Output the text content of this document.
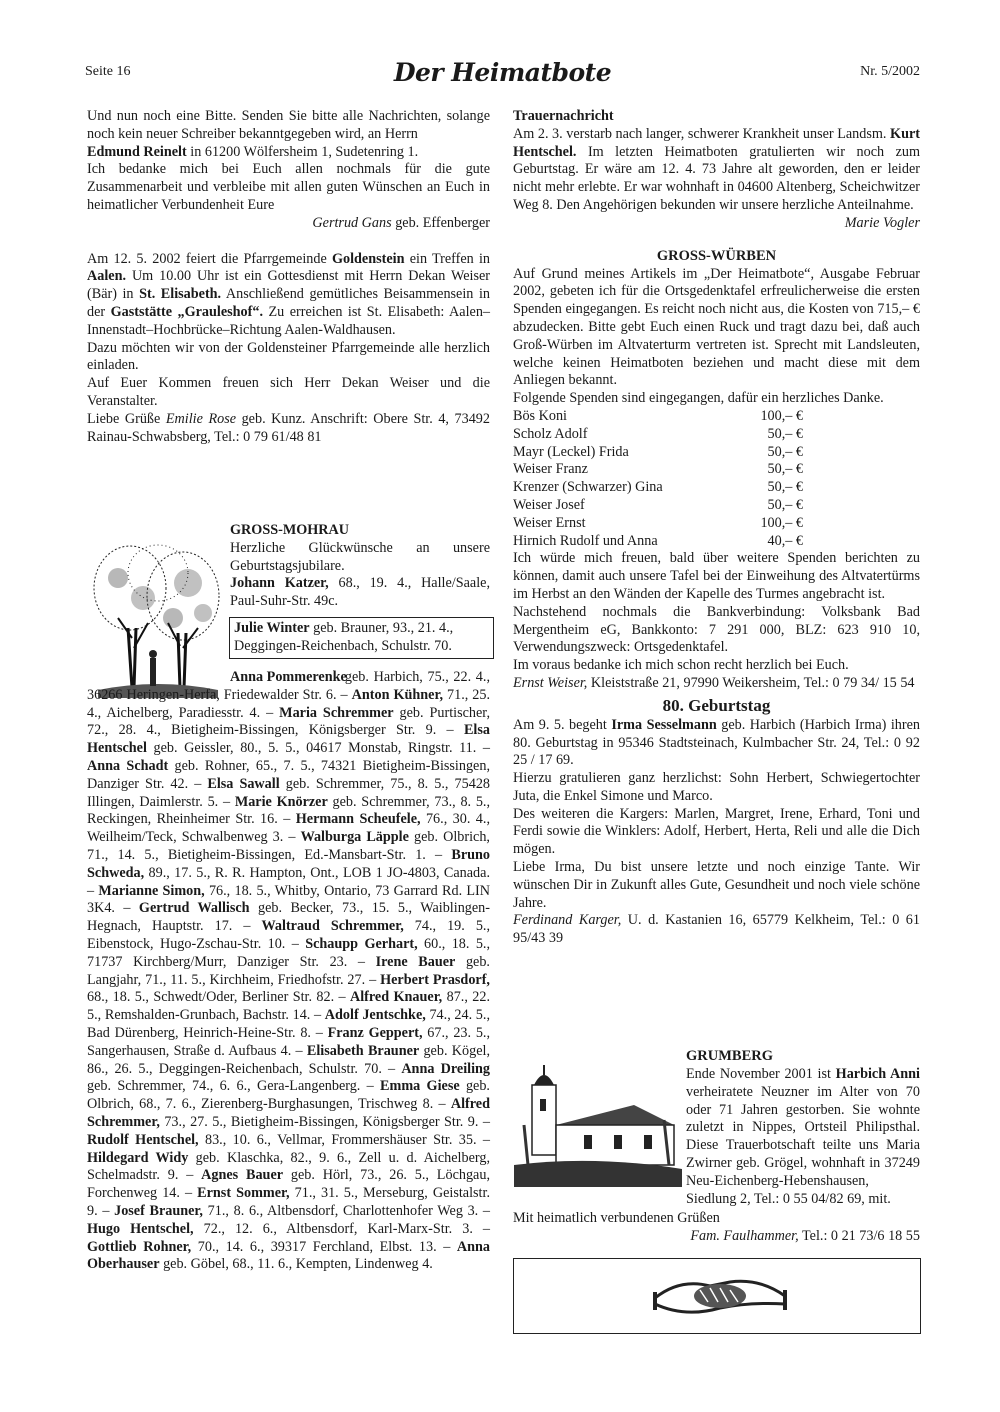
Seite 16	Der Heimatbote	Nr. 5/2002

Und nun noch eine Bitte. Senden Sie bitte alle Nachrichten, solange noch kein neuer Schreiber bekanntgegeben wird, an Herrn
Edmund Reinelt in 61200 Wölfersheim 1, Sudetenring 1.

Ich bedanke mich bei Euch allen nochmals für die gute Zusammenarbeit und verbleibe mit allen guten Wünschen an Euch in heimatlicher Verbundenheit Eure

Gertrud Gans geb. Effenberger

Am 12. 5. 2002 feiert die Pfarrgemeinde Goldenstein ein Treffen in Aalen. Um 10.00 Uhr ist ein Gottesdienst mit Herrn Dekan Weiser (Bär) in St. Elisabeth. Anschließend gemütliches Beisammensein in der Gaststätte „Grauleshof“. Zu erreichen ist St. Elisabeth: Aalen–Innenstadt–Hochbrücke–Richtung Aalen-Waldhausen.

Dazu möchten wir von der Goldensteiner Pfarrgemeinde alle herzlich einladen.

Auf Euer Kommen freuen sich Herr Dekan Weiser und die Veranstalter.

Liebe Grüße Emilie Rose geb. Kunz. Anschrift: Obere Str. 4, 73492 Rainau-Schwabsberg, Tel.: 0 79 61/48 81

GROSS-MOHRAU

Herzliche Glückwünsche an unsere Geburtstagsjubilare.

Johann Katzer, 68., 19. 4., Halle/Saale, Paul-Suhr-Str. 49c.

Julie Winter geb. Brauner, 93., 21. 4., Deggingen-Reichenbach, Schulstr. 70.

Anna Pommerenke

geb. Harbich, 75., 22. 4., 36266 Heringen-Herfa, Friedewalder Str. 6. – Anton Kühner, 71., 25. 4., Aichelberg, Paradiesstr. 4. – Maria Schremmer geb. Purtischer, 72., 28. 4., Bietigheim-Bissingen, Königsberger Str. 9. – Elsa Hentschel geb. Geissler, 80., 5. 5., 04617 Monstab, Ringstr. 11. – Anna Schadt geb. Rohner, 65., 7. 5., 74321 Bietigheim-Bissingen, Danziger Str. 42. – Elsa Sawall geb. Schremmer, 75., 8. 5., 75428 Illingen, Daimlerstr. 5. – Marie Knörzer geb. Schremmer, 73., 8. 5., Reckingen, Rheinheimer Str. 16. – Hermann Scheufele, 76., 30. 4., Weilheim/Teck, Schwalbenweg 3. – Walburga Läpple geb. Olbrich, 71., 14. 5., Bietigheim-Bissingen, Ed.-Mansbart-Str. 1. – Bruno Schweda, 89., 17. 5., R. R. Hampton, Ont., LOB 1 JO-4803, Canada. – Marianne Simon, 76., 18. 5., Whitby, Ontario, 73 Garrard Rd. LIN 3K4. – Gertrud Wallisch geb. Becker, 73., 15. 5., Waiblingen-Hegnach, Hauptstr. 17. – Waltraud Schremmer, 74., 19. 5., Eibenstock, Hugo-Zschau-Str. 10. – Schaupp Gerhart, 60., 18. 5., 71737 Kirchberg/Murr, Danziger Str. 23. – Irene Bauer geb. Langjahr, 71., 11. 5., Kirchheim, Friedhofstr. 27. – Herbert Prasdorf, 68., 18. 5., Schwedt/Oder, Berliner Str. 82. – Alfred Knauer, 87., 22. 5., Remshalden-Grunbach, Bachstr. 14. – Adolf Jentschke, 74., 24. 5., Bad Dürenberg, Heinrich-Heine-Str. 8. – Franz Geppert, 67., 23. 5., Sangerhausen, Straße d. Aufbaus 4. – Elisabeth Brauner geb. Kögel, 86., 26. 5., Deggingen-Reichenbach, Schulstr. 70. – Anna Dreiling geb. Schremmer, 74., 6. 6., Gera-Langenberg. – Emma Giese geb. Olbrich, 68., 7. 6., Zierenberg-Burghasungen, Trischweg 8. – Alfred Schremmer, 73., 27. 5., Bietigheim-Bissingen, Königsberger Str. 9. – Rudolf Hentschel, 83., 10. 6., Vellmar, Frommershäuser Str. 35. – Hildegard Widy geb. Klaschka, 82., 9. 6., Zell u. d. Aichelberg, Schelmadstr. 9. – Agnes Bauer geb. Hörl, 73., 26. 5., Löchgau, Forchenweg 14. – Ernst Sommer, 71., 31. 5., Merseburg, Geistalstr. 9. – Josef Brauner, 71., 8. 6., Altbensdorf, Charlottenhofer Weg 3. – Hugo Hentschel, 72., 12. 6., Altbensdorf, Karl-Marx-Str. 3. – Gottlieb Rohner, 70., 14. 6., 39317 Ferchland, Elbst. 13. – Anna Oberhauser geb. Göbel, 68., 11. 6., Kempten, Lindenweg 4.

Trauernachricht

Am 2. 3. verstarb nach langer, schwerer Krankheit unser Landsm. Kurt Hentschel. Im letzten Heimatboten gratulierten wir noch zum Geburtstag. Er wäre am 12. 4. 73 Jahre alt geworden, den er leider nicht mehr erlebte. Er war wohnhaft in 04600 Altenberg, Scheichwitzer Weg 8. Den Angehörigen bekunden wir unsere herzliche Anteilnahme.
Marie Vogler

GROSS-WÜRBEN

Auf Grund meines Artikels im „Der Heimatbote“, Ausgabe Februar 2002, gebeten ich für die Ortsgedenktafel erfreulicherweise die ersten Spenden eingegangen. Es reicht noch nicht aus, die Kosten von 715,– € abzudecken. Bitte gebt Euch einen Ruck und tragt dazu bei, daß auch Groß-Würben im Altvaterturm vertreten ist. Sprecht mit Landsleuten, welche keinen Heimatboten beziehen und macht diese mit dem Anliegen bekannt.

Folgende Spenden sind eingegangen, dafür ein herzliches Danke.

Bös Koni	100,– €
Scholz Adolf	50,– €
Mayr (Leckel) Frida	50,– €
Weiser Franz	50,– €
Krenzer (Schwarzer) Gina	50,– €
Weiser Josef	50,– €
Weiser Ernst	100,– €
Hirnich Rudolf und Anna	40,– €

Ich würde mich freuen, bald über weitere Spenden berichten zu können, damit auch unsere Tafel bei der Einweihung des Altvatertürms im Herbst an den Wänden der Kapelle des Turmes angebracht ist.

Nachstehend nochmals die Bankverbindung: Volksbank Bad Mergentheim eG, Bankkonto: 7 291 000, BLZ: 623 910 10, Verwendungszweck: Ortsgedenktafel.

Im voraus bedanke ich mich schon recht herzlich bei Euch.

Ernst Weiser, Kleiststraße 21, 97990 Weikersheim, Tel.: 0 79 34/ 15 54

80. Geburtstag

Am 9. 5. begeht Irma Sesselmann geb. Harbich (Harbich Irma) ihren 80. Geburtstag in 95346 Stadtsteinach, Kulmbacher Str. 24, Tel.: 0 92 25 / 17 69.

Hierzu gratulieren ganz herzlichst: Sohn Herbert, Schwiegertochter Juta, die Enkel Simone und Marco.

Des weiteren die Kargers: Marlen, Margret, Irene, Erhard, Toni und Ferdi sowie die Winklers: Adolf, Herbert, Herta, Reli und alle die Dich mögen.

Liebe Irma, Du bist unsere letzte und noch einzige Tante. Wir wünschen Dir in Zukunft alles Gute, Gesundheit und noch viele schöne Jahre.

Ferdinand Karger, U. d. Kastanien 16, 65779 Kelkheim, Tel.: 0 61 95/43 39

GRUMBERG

Ende November 2001 ist Harbich Anni verheiratete Neuzner im Alter von 70 oder 71 Jahren gestorben. Sie wohnte zuletzt in Nippes, Ortsteil Philipsthal. Diese Trauerbotschaft teilte uns Maria Zwirner geb. Grögel, wohnhaft in 37249 Neu-Eichenberg-Hebenshausen, Siedlung 2, Tel.: 0 55 04/82 69, mit.

Mit heimatlich verbundenen Grüßen

Fam. Faulhammer, Tel.: 0 21 73/6 18 55
